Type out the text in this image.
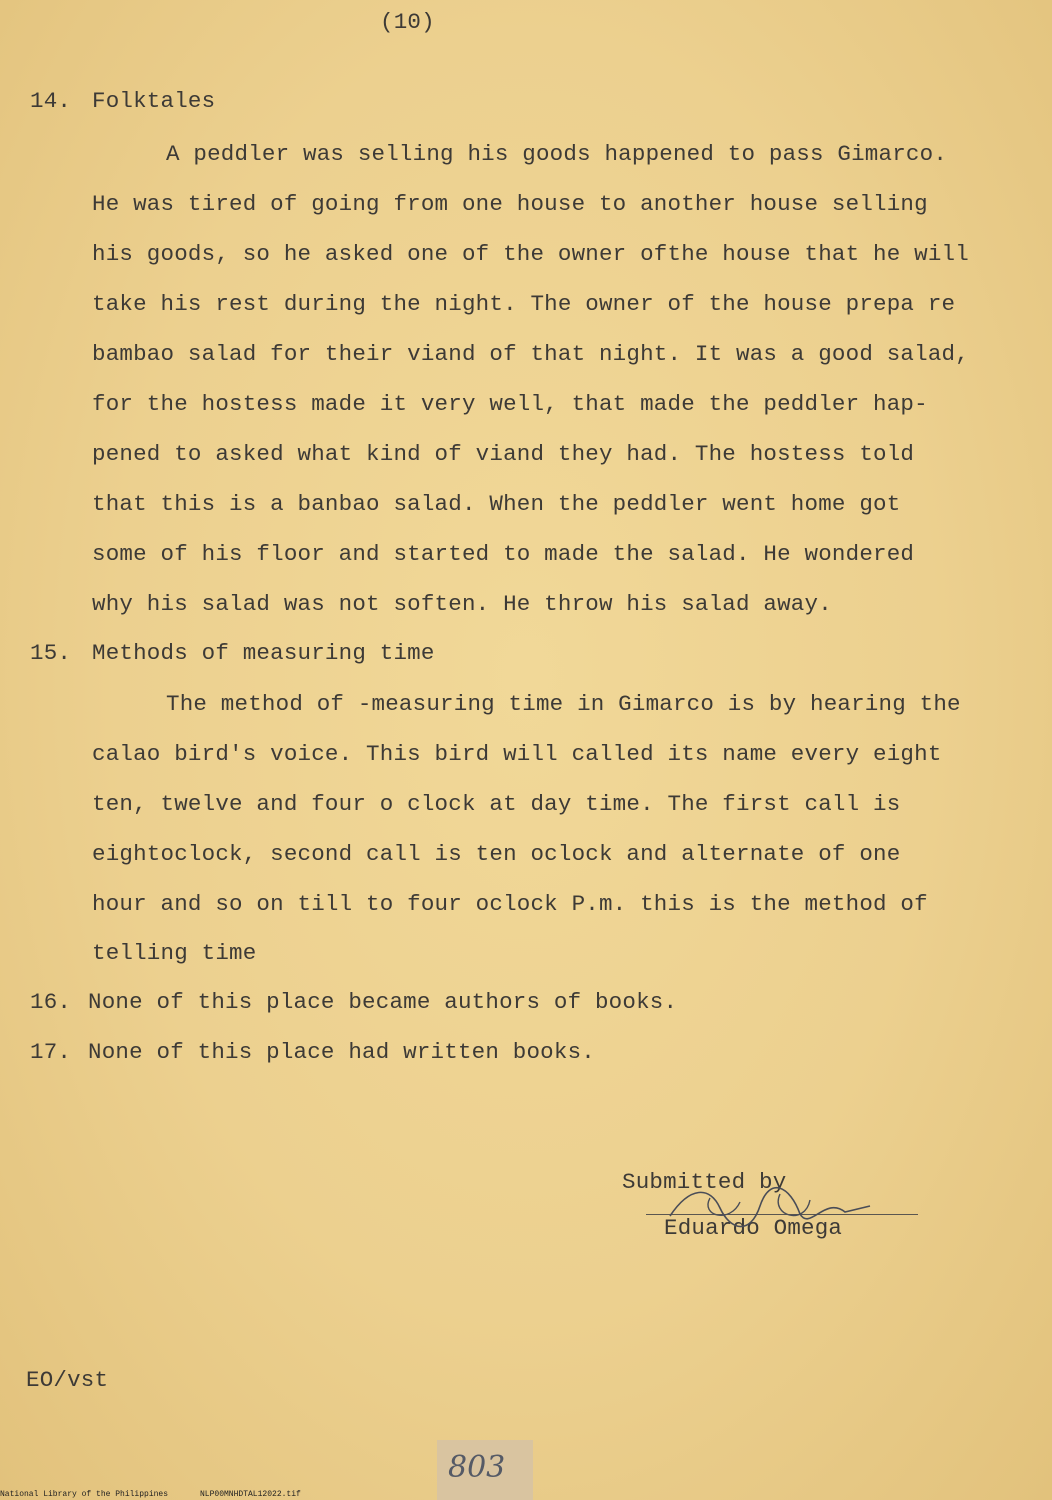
(10)
14. Folktales
A peddler was selling his goods happened to pass Gimarco.
He was tired of going from one house to another house selling
his goods, so he asked one of the owner ofthe house that he will
take his rest during the night. The owner of the house prepa re
bambao salad for their viand of that night. It was a good salad,
for the hostess made it very well, that made the peddler hap-
pened to asked what kind of viand they had. The hostess told
that this is a banbao salad. When the peddler went home got
some of his floor and started to made the salad. He wondered
why his salad was not soften. He throw his salad away.
15. Methods of measuring time
The method of -measuring time in Gimarco is by hearing the
calao bird's voice. This bird will called its name every eight
ten, twelve and four o clock at day time. The first call is
eightoclock, second call is ten oclock and alternate of one
hour and so on till to four oclock P.m. this is the method of
telling time
16. None of this place became authors of books.
17. None of this place had written books.
Submitted by
Eduardo Omega
EO/vst
803
National Library of the Philippines	NLP00MNHDTAL12022.tif
